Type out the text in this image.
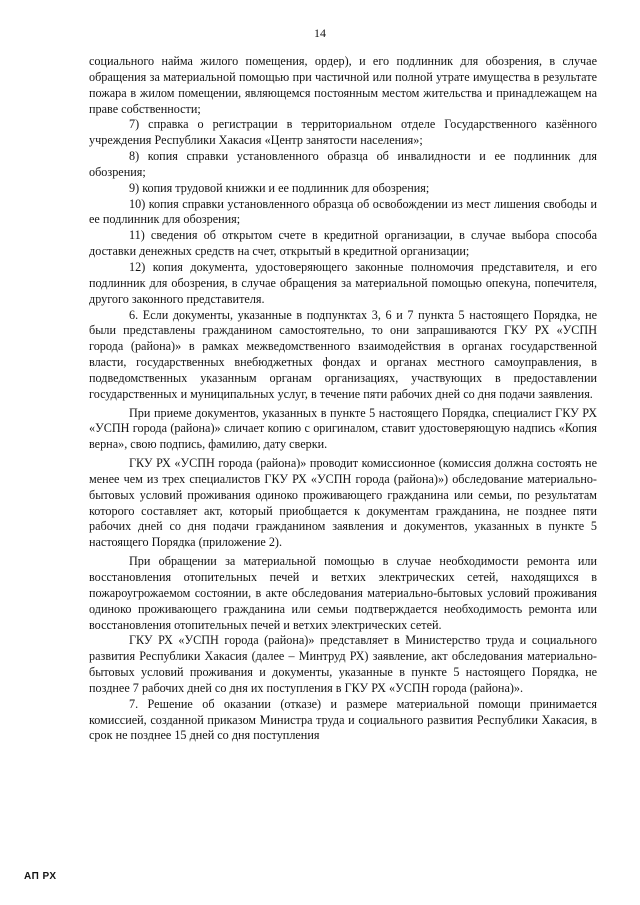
14

социального найма жилого помещения, ордер), и его подлинник для обозрения, в случае обращения за материальной помощью при частичной или полной утрате имущества в результате пожара в жилом помещении, являющемся постоянным местом жительства и принадлежащем на праве собственности;

7) справка о регистрации в территориальном отделе Государственного казённого учреждения Республики Хакасия «Центр занятости населения»;

8) копия справки установленного образца об инвалидности и ее подлинник для обозрения;

9) копия трудовой книжки и ее подлинник для обозрения;

10) копия справки установленного образца об освобождении из мест лишения свободы и ее подлинник для обозрения;

11) сведения об открытом счете в кредитной организации, в случае выбора способа доставки денежных средств на счет, открытый в кредитной организации;

12) копия документа, удостоверяющего законные полномочия представителя, и его подлинник для обозрения, в случае обращения за материальной помощью опекуна, попечителя, другого законного представителя.

6. Если документы, указанные в подпунктах 3, 6 и 7 пункта 5 настоящего Порядка, не были представлены гражданином самостоятельно, то они запрашиваются ГКУ РХ «УСПН города (района)» в рамках межведомственного взаимодействия в органах государственной власти, государственных внебюджетных фондах и органах местного самоуправления, в подведомственных указанным органам организациях, участвующих в предоставлении государственных и муниципальных услуг, в течение пяти рабочих дней со дня подачи заявления.

При приеме документов, указанных в пункте 5 настоящего Порядка, специалист ГКУ РХ «УСПН города (района)» сличает копию с оригиналом, ставит удостоверяющую надпись «Копия верна», свою подпись, фамилию, дату сверки.

ГКУ РХ «УСПН города (района)» проводит комиссионное (комиссия должна состоять не менее чем из трех специалистов ГКУ РХ «УСПН города (района)») обследование материально-бытовых условий проживания одиноко проживающего гражданина или семьи, по результатам которого составляет акт, который приобщается к документам гражданина, не позднее пяти рабочих дней со дня подачи гражданином заявления и документов, указанных в пункте 5 настоящего Порядка (приложение 2).

При обращении за материальной помощью в случае необходимости ремонта или восстановления отопительных печей и ветхих электрических сетей, находящихся в пожароугрожаемом состоянии, в акте обследования материально-бытовых условий проживания одиноко проживающего гражданина или семьи подтверждается необходимость ремонта или восстановления отопительных печей и ветхих электрических сетей.

ГКУ РХ «УСПН города (района)» представляет в Министерство труда и социального развития Республики Хакасия (далее – Минтруд РХ) заявление, акт обследования материально-бытовых условий проживания и документы, указанные в пункте 5 настоящего Порядка, не позднее 7 рабочих дней со дня их поступления в ГКУ РХ «УСПН города (района)».

7. Решение об оказании (отказе) и размере материальной помощи принимается комиссией, созданной приказом Министра труда и социального развития Республики Хакасия, в срок не позднее 15 дней со дня поступления

АП РХ
